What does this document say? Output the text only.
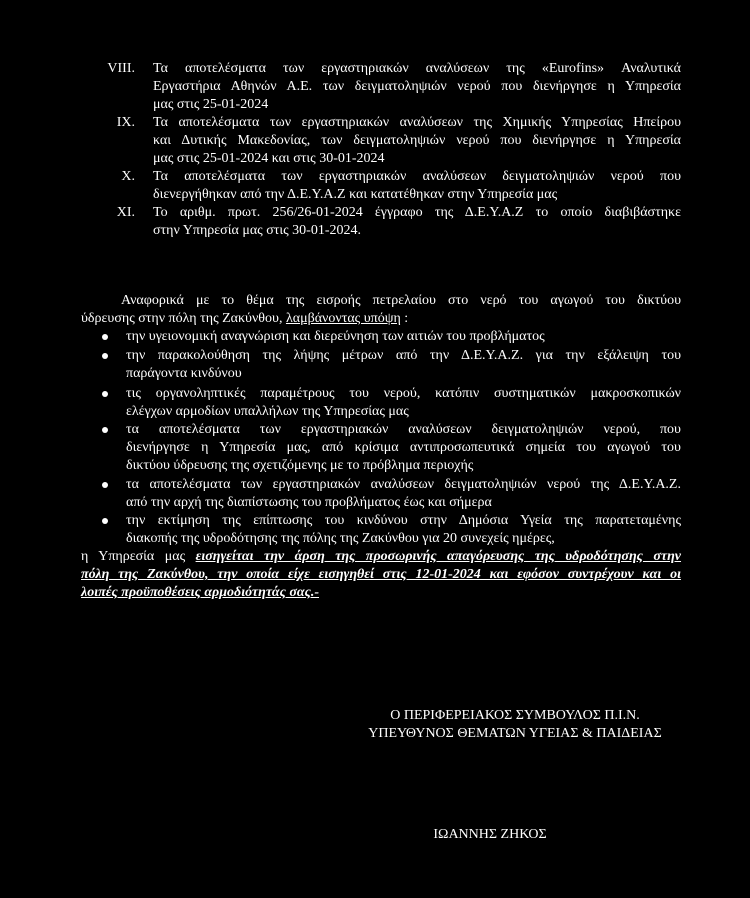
VIII. Τα αποτελέσματα των εργαστηριακών αναλύσεων της «Eurofins» Αναλυτικά
Εργαστήρια Αθηνών Α.Ε. των δειγματοληψιών νερού που διενήργησε η Υπηρεσία
μας στις 25-01-2024
IX. Τα αποτελέσματα των εργαστηριακών αναλύσεων της Χημικής Υπηρεσίας Ηπείρου
και Δυτικής Μακεδονίας, των δειγματοληψιών νερού που διενήργησε η Υπηρεσία
μας στις 25-01-2024 και στις 30-01-2024
X. Τα αποτελέσματα των εργαστηριακών αναλύσεων δειγματοληψιών νερού που
διενεργήθηκαν από την Δ.Ε.Υ.Α.Ζ και κατατέθηκαν στην Υπηρεσία μας
XI. Το αριθμ. πρωτ. 256/26-01-2024 έγγραφο της Δ.Ε.Υ.Α.Ζ το οποίο διαβιβάστηκε
στην Υπηρεσία μας στις 30-01-2024.
Αναφορικά με το θέμα της εισροής πετρελαίου στο νερό του αγωγού του δικτύου
ύδρευσης στην πόλη της Ζακύνθου, λαμβάνοντας υπόψη :
την υγειονομική αναγνώριση και διερεύνηση των αιτιών του προβλήματος
την παρακολούθηση της λήψης μέτρων από την Δ.Ε.Υ.Α.Ζ. για την εξάλειψη του
παράγοντα κινδύνου
τις οργανοληπτικές παραμέτρους του νερού, κατόπιν συστηματικών μακροσκοπικών
ελέγχων αρμοδίων υπαλλήλων της Υπηρεσίας μας
τα αποτελέσματα των εργαστηριακών αναλύσεων δειγματοληψιών νερού, που
διενήργησε η Υπηρεσία μας, από κρίσιμα αντιπροσωπευτικά σημεία του αγωγού του
δικτύου ύδρευσης της σχετιζόμενης με το πρόβλημα περιοχής
τα αποτελέσματα των εργαστηριακών αναλύσεων δειγματοληψιών νερού της Δ.Ε.Υ.Α.Ζ.
από την αρχή της διαπίστωσης του προβλήματος έως και σήμερα
την εκτίμηση της επίπτωσης του κινδύνου στην Δημόσια Υγεία της παρατεταμένης
διακοπής της υδροδότησης της πόλης της Ζακύνθου για 20 συνεχείς ημέρες,
η Υπηρεσία μας εισηγείται την άρση της προσωρινής απαγόρευσης της υδροδότησης στην
πόλη της Ζακύνθου, την οποία είχε εισηγηθεί στις 12-01-2024 και εφόσον συντρέχουν και οι
λοιπές προϋποθέσεις αρμοδιότητάς σας.-
Ο ΠΕΡΙΦΕΡΕΙΑΚΟΣ ΣΥΜΒΟΥΛΟΣ Π.Ι.Ν.
ΥΠΕΥΘΥΝΟΣ ΘΕΜΑΤΩΝ ΥΓΕΙΑΣ & ΠΑΙΔΕΙΑΣ
ΙΩΑΝΝΗΣ ΖΗΚΟΣ
